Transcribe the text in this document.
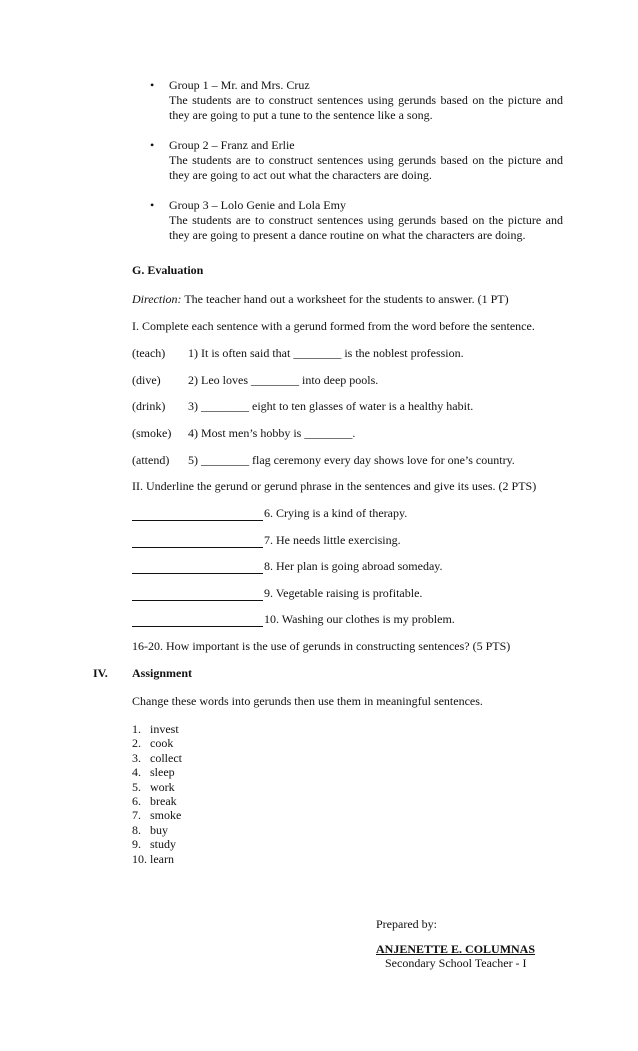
•	Group 1 – Mr. and Mrs. Cruz
The students are to construct sentences using gerunds based on the picture and
they are going to put a tune to the sentence like a song.
•	Group 2 – Franz and Erlie
The students are to construct sentences using gerunds based on the picture and
they are going to act out what the characters are doing.
•	Group 3 – Lolo Genie and Lola Emy
The students are to construct sentences using gerunds based on the picture and
they are going to present a dance routine on what the characters are doing.
G. Evaluation
Direction: The teacher hand out a worksheet for the students to answer. (1 PT)
I. Complete each sentence with a gerund formed from the word before the sentence.
(teach) 1) It is often said that ________ is the noblest profession.
(dive) 2) Leo loves ________ into deep pools.
(drink) 3) ________ eight to ten glasses of water is a healthy habit.
(smoke) 4) Most men’s hobby is ________.
(attend) 5) ________ flag ceremony every day shows love for one’s country.
II. Underline the gerund or gerund phrase in the sentences and give its uses. (2 PTS)
6. Crying is a kind of therapy.
7. He needs little exercising.
8. Her plan is going abroad someday.
9. Vegetable raising is profitable.
10. Washing our clothes is my problem.
16-20. How important is the use of gerunds in constructing sentences? (5 PTS)
IV. Assignment
Change these words into gerunds then use them in meaningful sentences.
1. invest
2. cook
3. collect
4. sleep
5. work
6. break
7. smoke
8. buy
9. study
10. learn
Prepared by:
ANJENETTE E. COLUMNAS
Secondary School Teacher - I
